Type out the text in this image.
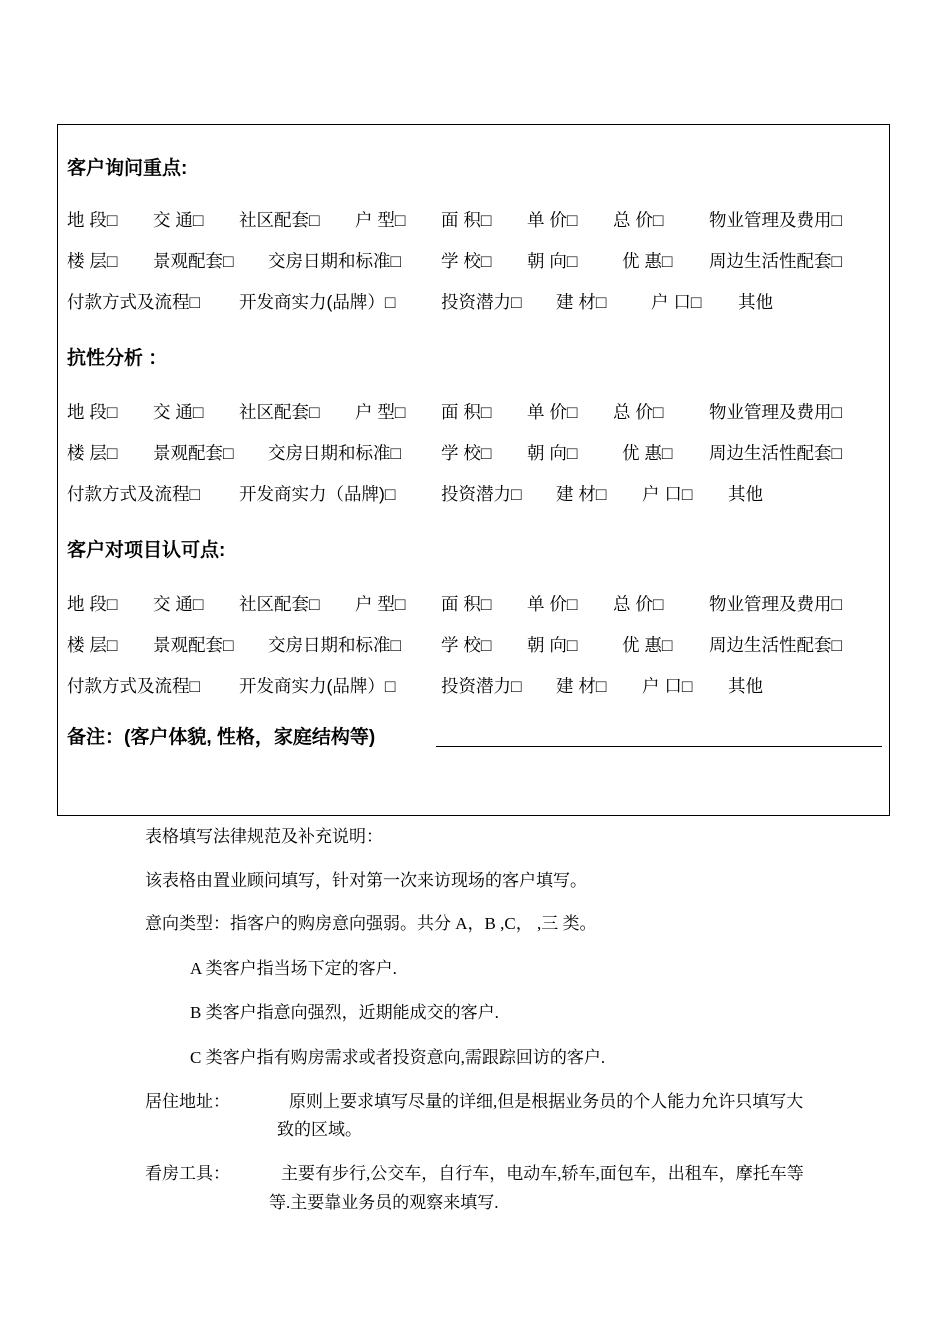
客户询问重点:
地 段□ 交 通□ 社区配套□ 户 型□ 面 积□ 单 价□ 总 价□	物业管理及费用□
楼 层□ 景观配套□ 交房日期和标准□ 学 校□ 朝 向□	优 惠□ 周边生活性配套□
付款方式及流程□ 开发商实力(品牌）□	投资潜力□ 建 材□	户 口□ 其他
抗性分析 ：
地 段□ 交 通□ 社区配套□ 户 型□ 面 积□ 单 价□ 总 价□	物业管理及费用□
楼 层□ 景观配套□ 交房日期和标准□ 学 校□ 朝 向□	优 惠□ 周边生活性配套□
付款方式及流程□ 开发商实力（品牌)□	投资潜力□ 建 材□ 户 口□ 其他
客户对项目认可点:
地 段□ 交 通□ 社区配套□ 户 型□ 面 积□ 单 价□ 总 价□	物业管理及费用□
楼 层□ 景观配套□ 交房日期和标准□ 学 校□ 朝 向□	优 惠□ 周边生活性配套□
付款方式及流程□ 开发商实力(品牌）□	投资潜力□ 建 材□ 户 口□ 其他
备注：(客户体貌, 性格，家庭结构等)
表格填写法律规范及补充说明：
该表格由置业顾问填写，针对第一次来访现场的客户填写。
意向类型：指客户的购房意向强弱。共分 A，B ,C， ,三 类。
A 类客户指当场下定的客户.
B 类客户指意向强烈，近期能成交的客户.
C 类客户指有购房需求或者投资意向,需跟踪回访的客户.
居住地址：	原则上要求填写尽量的详细,但是根据业务员的个人能力允许只填写大
致的区域。
看房工具：	主要有步行,公交车，自行车，电动车,轿车,面包车，出租车，摩托车等
等.主要靠业务员的观察来填写.
